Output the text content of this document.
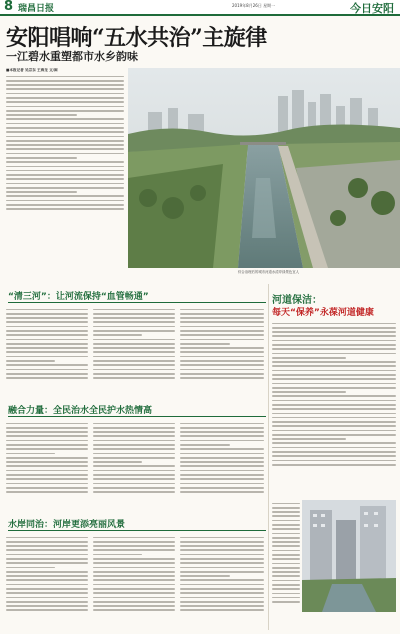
8 瑞昌日报	2019年8月26日 星期一	今日安阳
安阳唱响“五水共治”主旋律
一江碧水重塑都市水乡韵味
■本报记者 吴宗东 王海龙 文/图
综合治理后的城市河道水清岸绿景色宜人
“清三河”：让河流保持“血管畅通”
融合力量：全民治水全民护水热情高
水岸同治：河岸更添亮丽风景
河道保洁：
每天“保养”永葆河道健康
